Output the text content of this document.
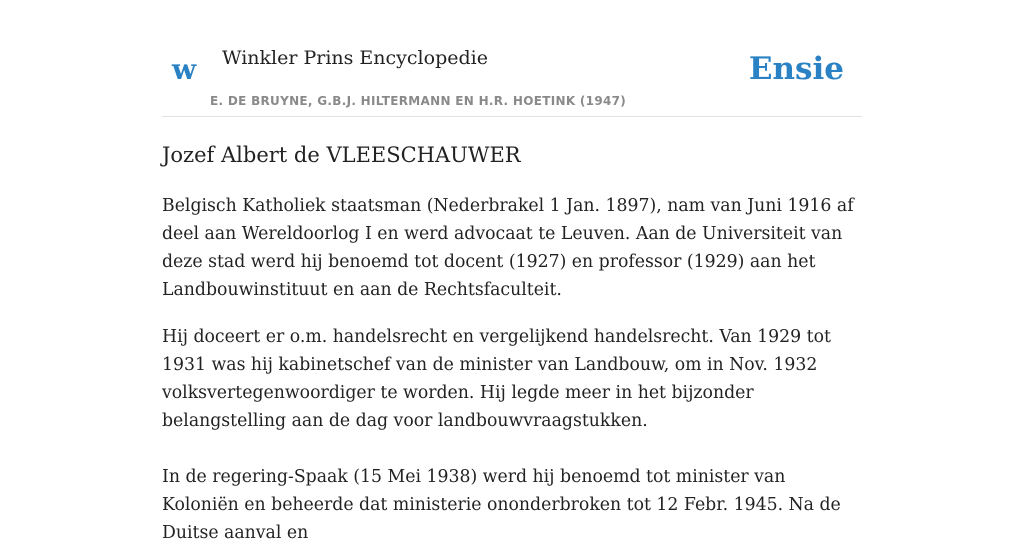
w Winkler Prins Encyclopedie
E. DE BRUYNE, G.B.J. HILTERMANN EN H.R. HOETINK (1947)
Ensie
Jozef Albert de VLEESCHAUWER

Belgisch Katholiek staatsman (Nederbrakel 1 Jan. 1897), nam van Juni 1916 af deel aan Wereldoorlog I en werd advocaat te Leuven. Aan de Universiteit van deze stad werd hij benoemd tot docent (1927) en professor (1929) aan het Landbouwinstituut en aan de Rechtsfaculteit.

Hij doceert er o.m. handelsrecht en vergelijkend handelsrecht. Van 1929 tot 1931 was hij kabinetschef van de minister van Landbouw, om in Nov. 1932 volksvertegenwoordiger te worden. Hij legde meer in het bijzonder belangstelling aan de dag voor landbouwvraagstukken.

In de regering-Spaak (15 Mei 1938) werd hij benoemd tot minister van Koloniën en beheerde dat ministerie ononderbroken tot 12 Febr. 1945. Na de Duitse aanval en
